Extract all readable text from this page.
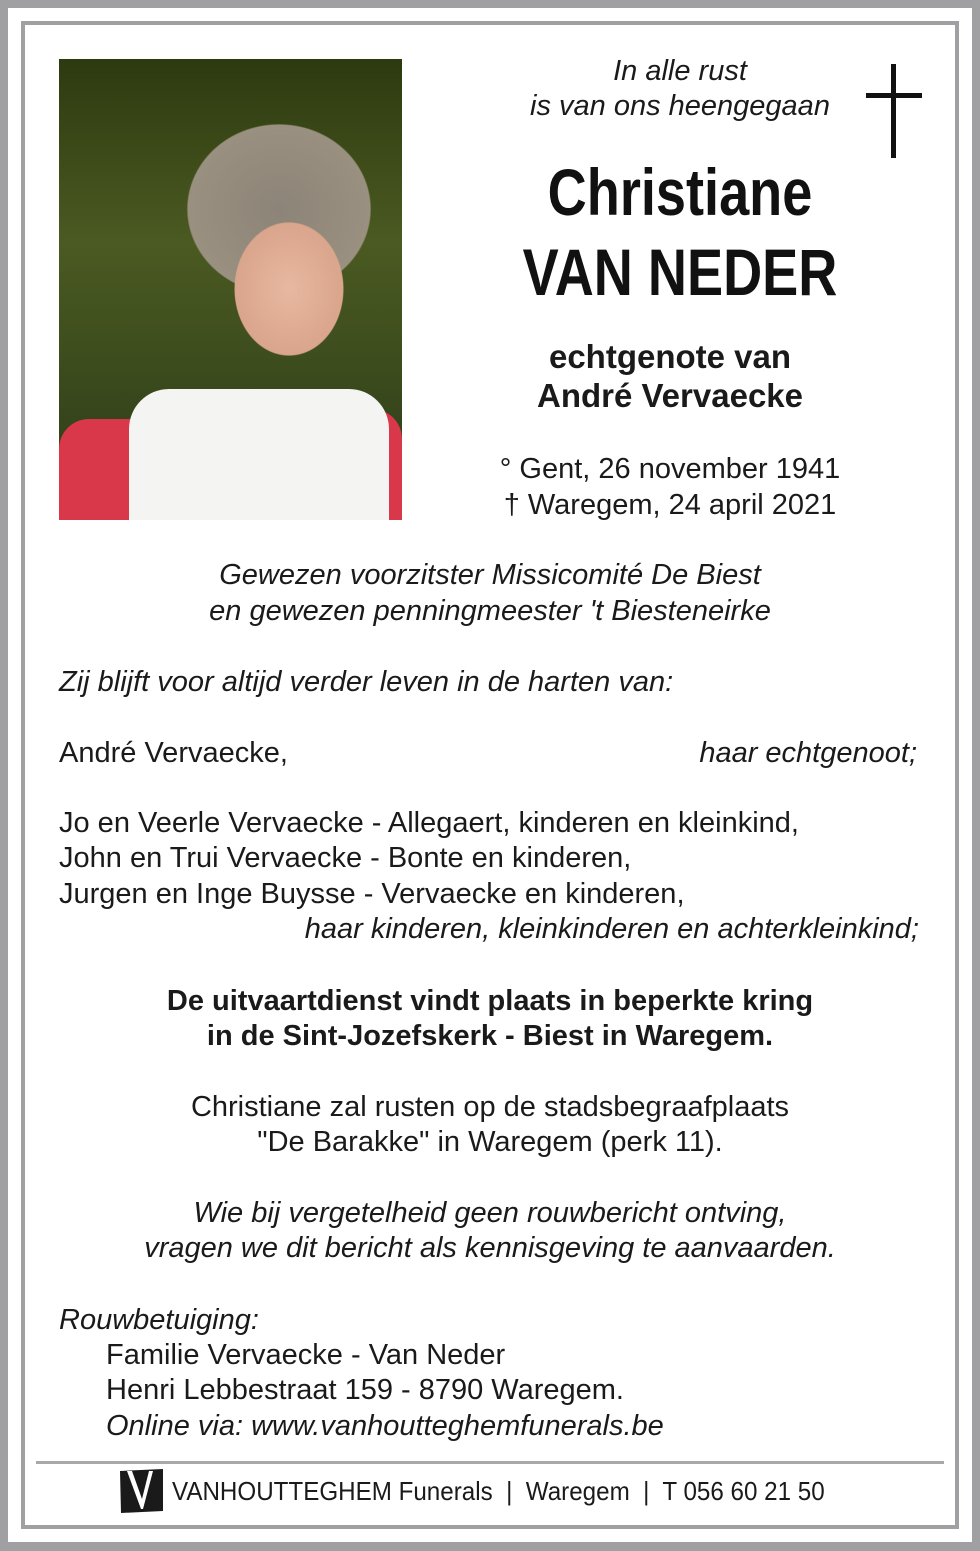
In alle rust
is van ons heengegaan
Christiane
VAN NEDER
echtgenote van
André Vervaecke
° Gent, 26 november 1941
† Waregem, 24 april 2021
Gewezen voorzitster Missicomité De Biest
en gewezen penningmeester 't Biesteneirke
Zij blijft voor altijd verder leven in de harten van:
André Vervaecke,	haar echtgenoot;
Jo en Veerle Vervaecke - Allegaert, kinderen en kleinkind,
John en Trui Vervaecke - Bonte en kinderen,
Jurgen en Inge Buysse - Vervaecke en kinderen,
haar kinderen, kleinkinderen en achterkleinkind;
De uitvaartdienst vindt plaats in beperkte kring
in de Sint-Jozefskerk - Biest in Waregem.
Christiane zal rusten op de stadsbegraafplaats
"De Barakke" in Waregem (perk 11).
Wie bij vergetelheid geen rouwbericht ontving,
vragen we dit bericht als kennisgeving te aanvaarden.
Rouwbetuiging:
Familie Vervaecke - Van Neder
Henri Lebbestraat 159 - 8790 Waregem.
Online via: www.vanhoutteghemfunerals.be
VANHOUTTEGHEM Funerals  |  Waregem  |  T 056 60 21 50
